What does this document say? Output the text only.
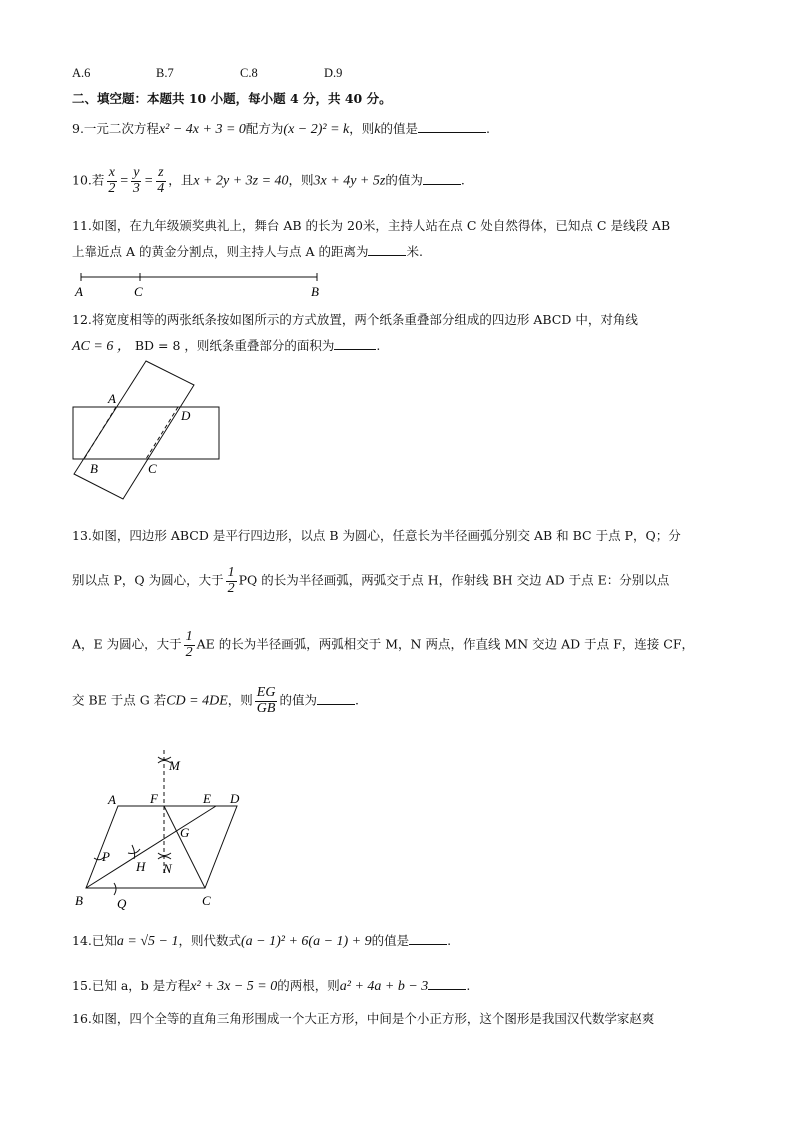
A.6	B.7	C.8	D.9
二、填空题：本题共 10 小题，每小题 4 分，共 40 分。
9.一元二次方程x² − 4x + 3 = 0配方为(x − 2)² = k，则k的值是	.
10.若 $\frac{x}{2} = \frac{y}{3} = \frac{z}{4}$ ，且x + 2y + 3z = 40，则3x + 4y + 5z的值为	.
11.如图，在九年级颁奖典礼上，舞台 AB 的长为 20米，主持人站在点 C 处自然得体，已知点 C 是线段 AB
上靠近点 A 的黄金分割点，则主持人与点 A 的距离为	米.
A	C	B
12.将宽度相等的两张纸条按如图所示的方式放置，两个纸条重叠部分组成的四边形 ABCD 中，对角线
AC = 6 ， BD = 8 ，则纸条重叠部分的面积为	.
A
D
B	C
13.如图，四边形 ABCD 是平行四边形，以点 B 为圆心，任意长为半径画弧分别交 AB 和 BC 于点 P，Q；分
别以点 P，Q 为圆心，大于 $\frac{1}{2}$ PQ 的长为半径画弧，两弧交于点 H，作射线 BH 交边 AD 于点 E：分别以点
A，E 为圆心，大于 $\frac{1}{2}$ AE 的长为半径画弧，两弧相交于 M，N 两点，作直线 MN 交边 AD 于点 F，连接 CF，
交 BE 于点 G 若CD = 4DE，则 $\frac{EG}{GB}$ 的值为	.
M
A	F	E D
G
P
H N
B	Q	C
14.已知a = √5 − 1，则代数式(a − 1)² + 6(a − 1) + 9的值是	.
15.已知 a，b 是方程x² + 3x − 5 = 0的两根，则a² + 4a + b − 3	.
16.如图，四个全等的直角三角形围成一个大正方形，中间是个小正方形，这个图形是我国汉代数学家赵爽
